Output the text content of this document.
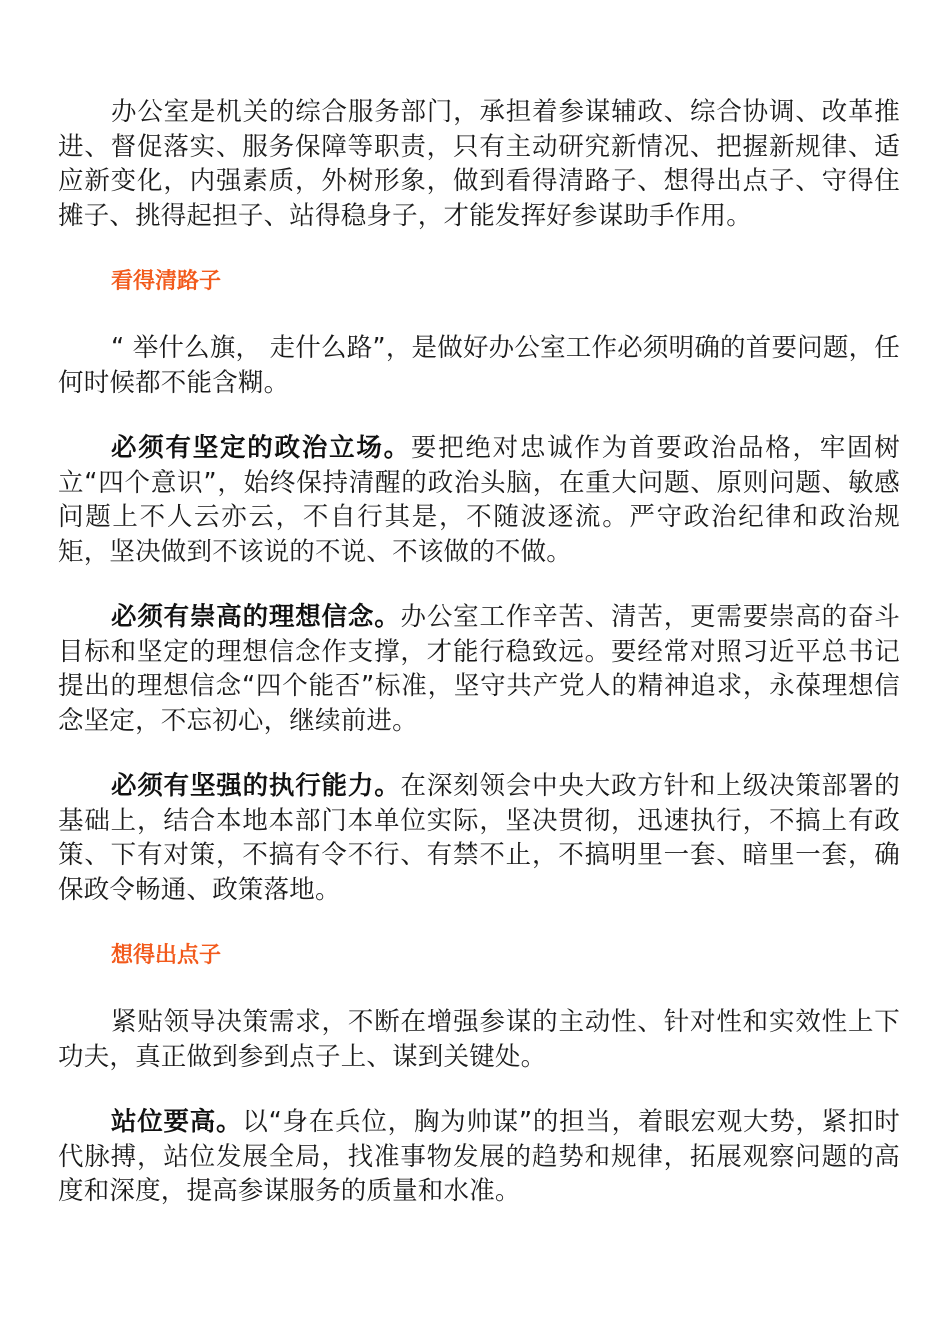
办公室是机关的综合服务部门，承担着参谋辅政、综合协调、改革推进、督促落实、服务保障等职责，只有主动研究新情况、把握新规律、适应新变化，内强素质，外树形象，做到看得清路子、想得出点子、守得住摊子、挑得起担子、站得稳身子，才能发挥好参谋助手作用。

看得清路子

“ 举什么旗， 走什么路”，是做好办公室工作必须明确的首要问题，任何时候都不能含糊。

必须有坚定的政治立场。要把绝对忠诚作为首要政治品格，牢固树立“四个意识”，始终保持清醒的政治头脑，在重大问题、原则问题、敏感问题上不人云亦云，不自行其是，不随波逐流。严守政治纪律和政治规矩，坚决做到不该说的不说、不该做的不做。

必须有崇高的理想信念。办公室工作辛苦、清苦，更需要崇高的奋斗目标和坚定的理想信念作支撑，才能行稳致远。要经常对照习近平总书记提出的理想信念“四个能否”标准，坚守共产党人的精神追求，永葆理想信念坚定，不忘初心，继续前进。

必须有坚强的执行能力。在深刻领会中央大政方针和上级决策部署的基础上，结合本地本部门本单位实际，坚决贯彻，迅速执行，不搞上有政策、下有对策，不搞有令不行、有禁不止，不搞明里一套、暗里一套，确保政令畅通、政策落地。

想得出点子

紧贴领导决策需求，不断在增强参谋的主动性、针对性和实效性上下功夫，真正做到参到点子上、谋到关键处。

站位要高。以“身在兵位，胸为帅谋”的担当，着眼宏观大势，紧扣时代脉搏，站位发展全局，找准事物发展的趋势和规律，拓展观察问题的高度和深度，提高参谋服务的质量和水准。
